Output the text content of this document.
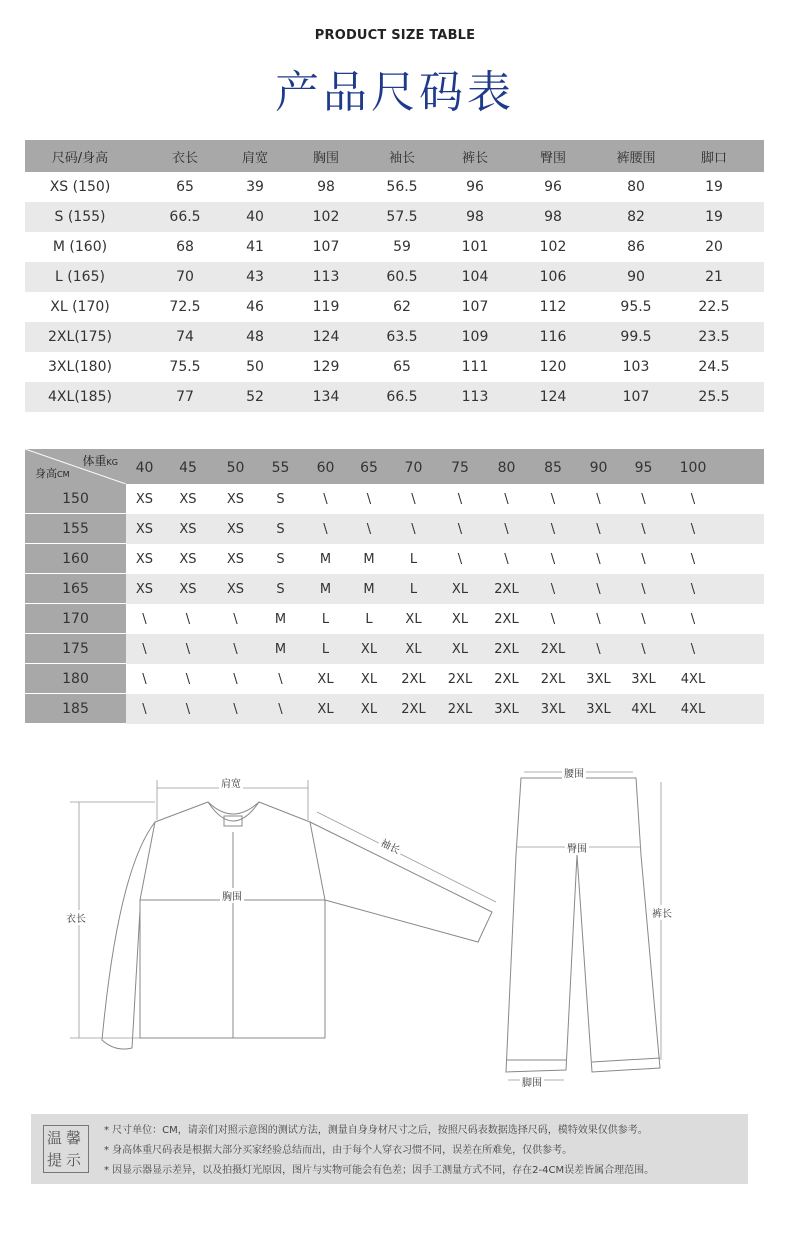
PRODUCT SIZE TABLE
产品尺码表
尺码/身高	衣长	肩宽	胸围	袖长	裤长	臀围	裤腰围	脚口
XS (150)	65	39	98	56.5	96	96	80	19
S (155)	66.5	40	102	57.5	98	98	82	19
M (160)	68	41	107	59	101	102	86	20
L (165)	70	43	113	60.5	104	106	90	21
XL (170)	72.5	46	119	62	107	112	95.5	22.5
2XL(175)	74	48	124	63.5	109	116	99.5	23.5
3XL(180)	75.5	50	129	65	111	120	103	24.5
4XL(185)	77	52	134	66.5	113	124	107	25.5
体重KG
身高CM	40	45	50	55	60	65	70	75	80	85	90	95	100
150	XS	XS	XS	S	\	\	\	\	\	\	\	\	\
155	XS	XS	XS	S	\	\	\	\	\	\	\	\	\
160	XS	XS	XS	S	M	M	L	\	\	\	\	\	\
165	XS	XS	XS	S	M	M	L	XL	2XL	\	\	\	\
170	\	\	\	M	L	L	XL	XL	2XL	\	\	\	\
175	\	\	\	M	L	XL	XL	XL	2XL	2XL	\	\	\
180	\	\	\	\	XL	XL	2XL	2XL	2XL	2XL	3XL	3XL	4XL
185	\	\	\	\	XL	XL	2XL	2XL	3XL	3XL	3XL	4XL	4XL
肩宽
袖长
胸围
衣长
腰围
臀围
裤长
脚围
温馨
提示
* 尺寸单位：CM，请亲们对照示意图的测试方法，测量自身身材尺寸之后，按照尺码表数据选择尺码，模特效果仅供参考。
* 身高体重尺码表是根据大部分买家经验总结而出，由于每个人穿衣习惯不同，误差在所难免，仅供参考。
* 因显示器显示差异，以及拍摄灯光原因，图片与实物可能会有色差；因手工测量方式不同，存在2-4CM误差皆属合理范围。
